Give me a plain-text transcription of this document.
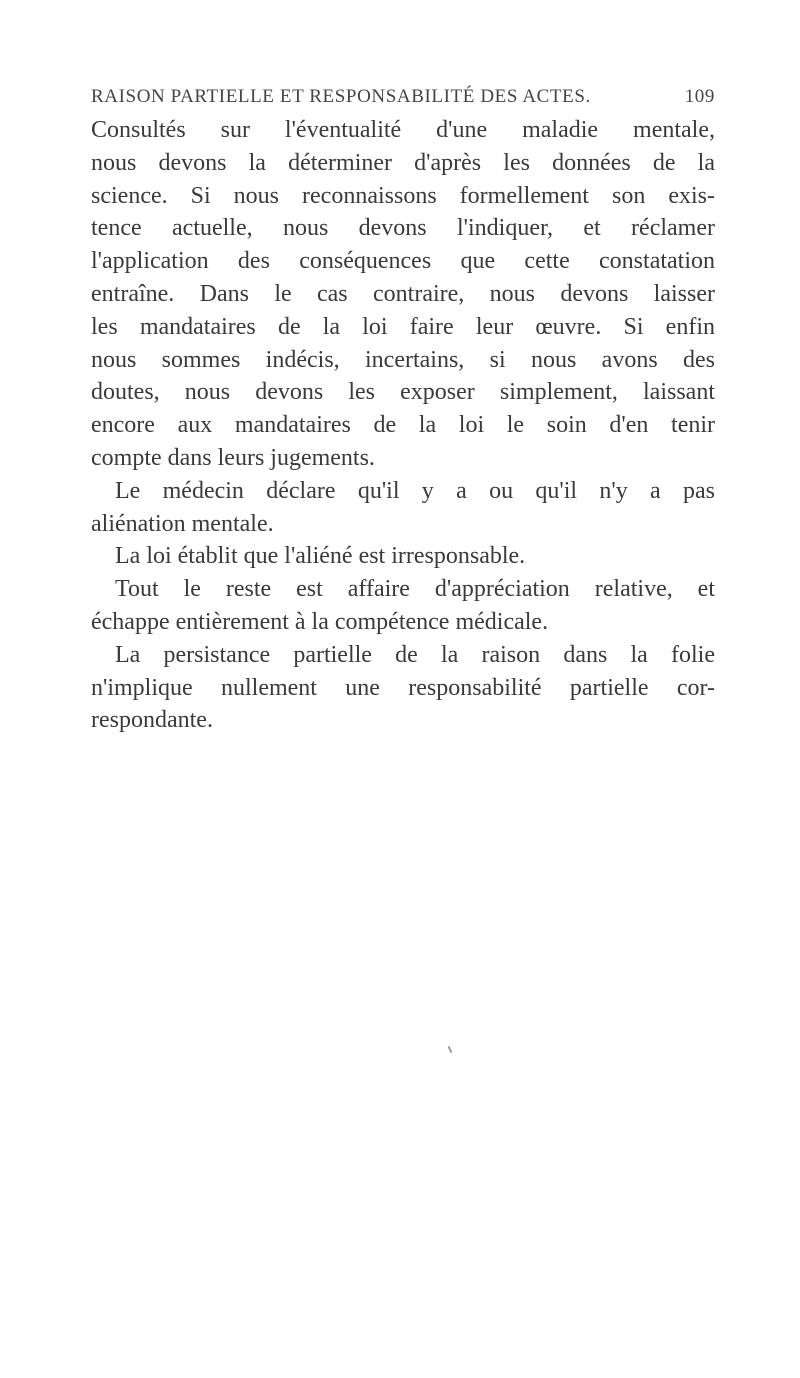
RAISON PARTIELLE ET RESPONSABILITÉ DES ACTES.	109
Consultés sur l'éventualité d'une maladie mentale,
nous devons la déterminer d'après les données de la
science. Si nous reconnaissons formellement son exis-
tence actuelle, nous devons l'indiquer, et réclamer
l'application des conséquences que cette constatation
entraîne. Dans le cas contraire, nous devons laisser
les mandataires de la loi faire leur œuvre. Si enfin
nous sommes indécis, incertains, si nous avons des
doutes, nous devons les exposer simplement, laissant
encore aux mandataires de la loi le soin d'en tenir
compte dans leurs jugements.
Le médecin déclare qu'il y a ou qu'il n'y a pas
aliénation mentale.
La loi établit que l'aliéné est irresponsable.
Tout le reste est affaire d'appréciation relative, et
échappe entièrement à la compétence médicale.
La persistance partielle de la raison dans la folie
n'implique nullement une responsabilité partielle cor-
respondante.
